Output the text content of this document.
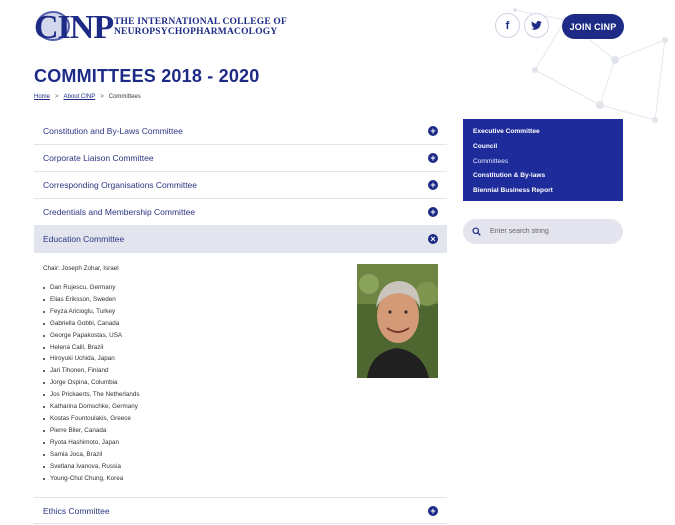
CINP THE INTERNATIONAL COLLEGE OF
NEUROPSYCHOPHARMACOLOGY
f	JOIN CINP
COMMITTEES 2018 - 2020
Home > About CINP > Committees
Constitution and By-Laws Committee	+
Corporate Liaison Committee	+
Corresponding Organisations Committee	+
Credentials and Membership Committee	+
Education Committee	×
Chair: Joseph Zohar, Israel
Dan Rujescu, Germany
Elias Eriksson, Sweden
Feyza Aricioglu, Turkey
Gabriella Gobbi, Canada
George Papakostas, USA
Helena Calil, Brazil
Hiroyuki Uchida, Japan
Jari Tihonen, Finland
Jorge Ospina, Columbia
Jos Prickaerts, The Netherlands
Katharina Domschke, Germany
Kostas Fountoulakis, Greece
Pierre Blier, Canada
Ryota Hashimoto, Japan
Samia Joca, Brazil
Svetlana Ivanova, Russia
Young-Chul Chung, Korea
Ethics Committee	+
Executive Committee
Council
Committees
Constitution & By-laws
Biennial Business Report
Enter search string
